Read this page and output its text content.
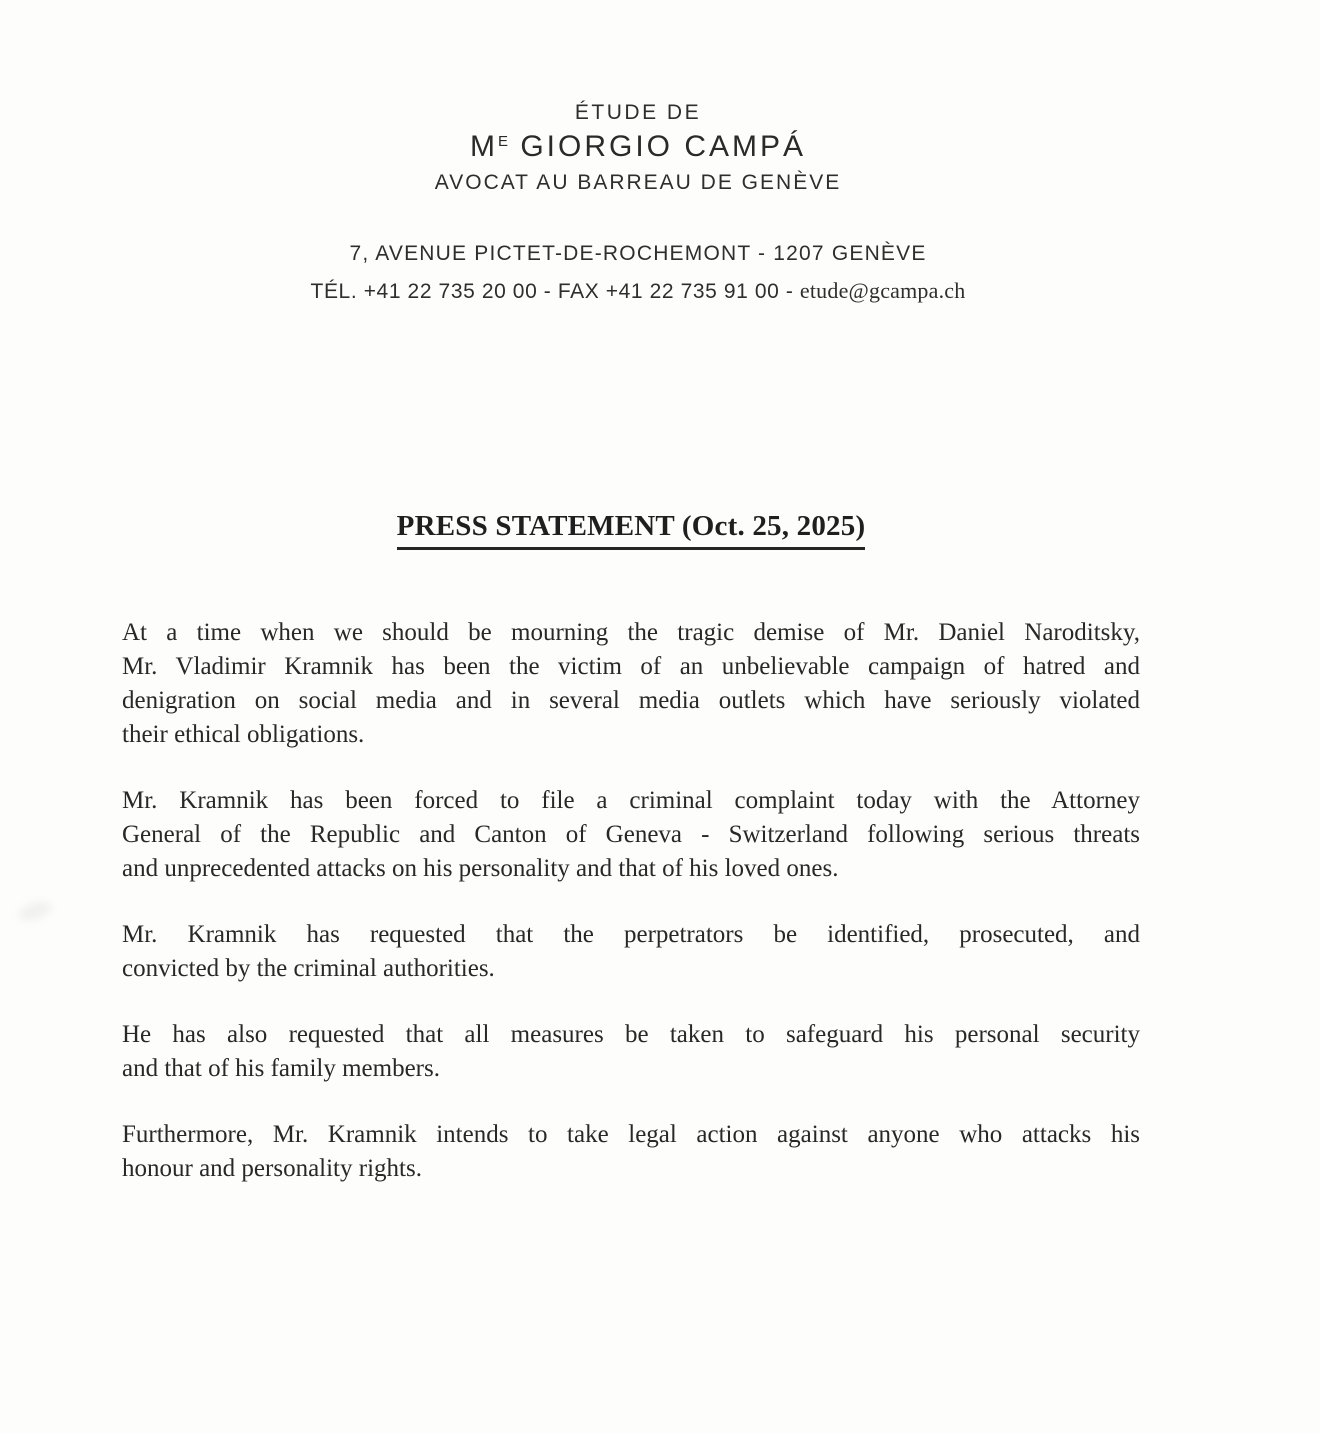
ÉTUDE DE
$M^E$ GIORGIO CAMPÁ
AVOCAT AU BARREAU DE GENÈVE
7, AVENUE PICTET-DE-ROCHEMONT - 1207 GENÈVE
TÉL. +41 22 735 20 00 - FAX +41 22 735 91 00 - etude@gcampa.ch
PRESS STATEMENT (Oct. 25, 2025)
At a time when we should be mourning the tragic demise of Mr. Daniel Naroditsky,
Mr. Vladimir Kramnik has been the victim of an unbelievable campaign of hatred and
denigration on social media and in several media outlets which have seriously violated
their ethical obligations.
Mr. Kramnik has been forced to file a criminal complaint today with the Attorney
General of the Republic and Canton of Geneva - Switzerland following serious threats
and unprecedented attacks on his personality and that of his loved ones.
Mr. Kramnik has requested that the perpetrators be identified, prosecuted, and
convicted by the criminal authorities.
He has also requested that all measures be taken to safeguard his personal security
and that of his family members.
Furthermore, Mr. Kramnik intends to take legal action against anyone who attacks his
honour and personality rights.
